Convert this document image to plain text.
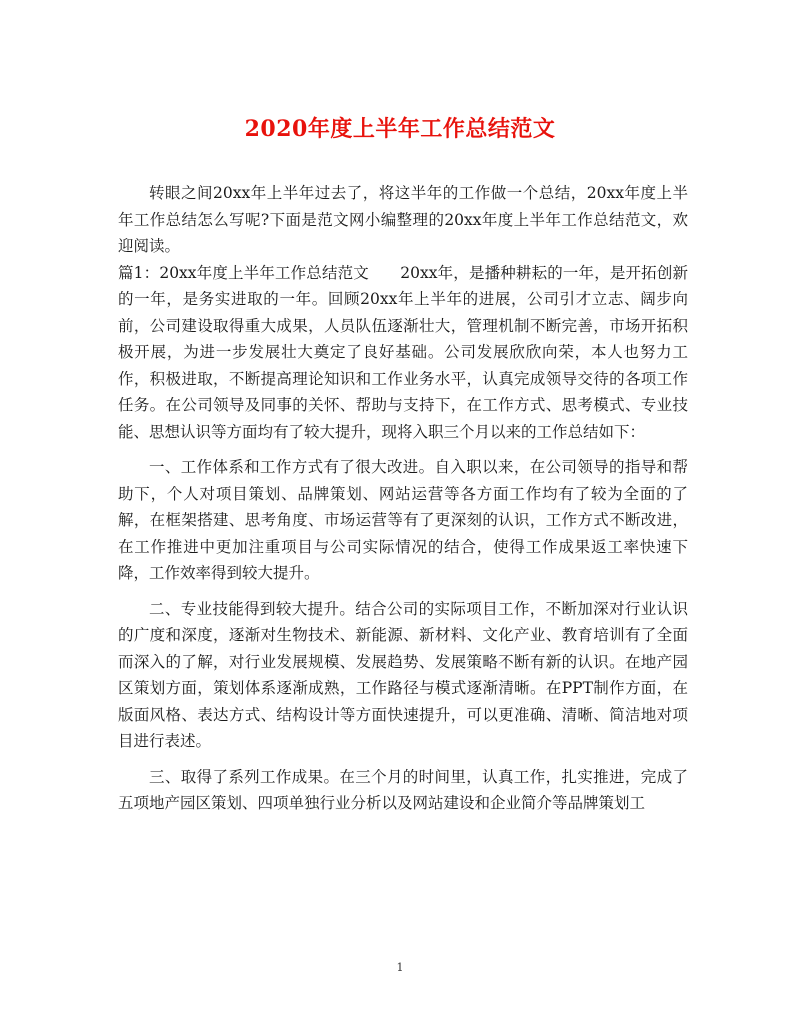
2020年度上半年工作总结范文

转眼之间20xx年上半年过去了，将这半年的工作做一个总结，20xx年度上半年工作总结怎么写呢?下面是范文网小编整理的20xx年度上半年工作总结范文，欢迎阅读。

篇1：20xx年度上半年工作总结范文　　20xx年，是播种耕耘的一年，是开拓创新的一年，是务实进取的一年。回顾20xx年上半年的进展，公司引才立志、阔步向前，公司建设取得重大成果，人员队伍逐渐壮大，管理机制不断完善，市场开拓积极开展，为进一步发展壮大奠定了良好基础。公司发展欣欣向荣，本人也努力工作，积极进取，不断提高理论知识和工作业务水平，认真完成领导交待的各项工作任务。在公司领导及同事的关怀、帮助与支持下，在工作方式、思考模式、专业技能、思想认识等方面均有了较大提升，现将入职三个月以来的工作总结如下：

一、工作体系和工作方式有了很大改进。自入职以来，在公司领导的指导和帮助下，个人对项目策划、品牌策划、网站运营等各方面工作均有了较为全面的了解，在框架搭建、思考角度、市场运营等有了更深刻的认识，工作方式不断改进，在工作推进中更加注重项目与公司实际情况的结合，使得工作成果返工率快速下降，工作效率得到较大提升。

二、专业技能得到较大提升。结合公司的实际项目工作，不断加深对行业认识的广度和深度，逐渐对生物技术、新能源、新材料、文化产业、教育培训有了全面而深入的了解，对行业发展规模、发展趋势、发展策略不断有新的认识。在地产园区策划方面，策划体系逐渐成熟，工作路径与模式逐渐清晰。在PPT制作方面，在版面风格、表达方式、结构设计等方面快速提升，可以更准确、清晰、简洁地对项目进行表述。

三、取得了系列工作成果。在三个月的时间里，认真工作，扎实推进，完成了五项地产园区策划、四项单独行业分析以及网站建设和企业简介等品牌策划工

1
